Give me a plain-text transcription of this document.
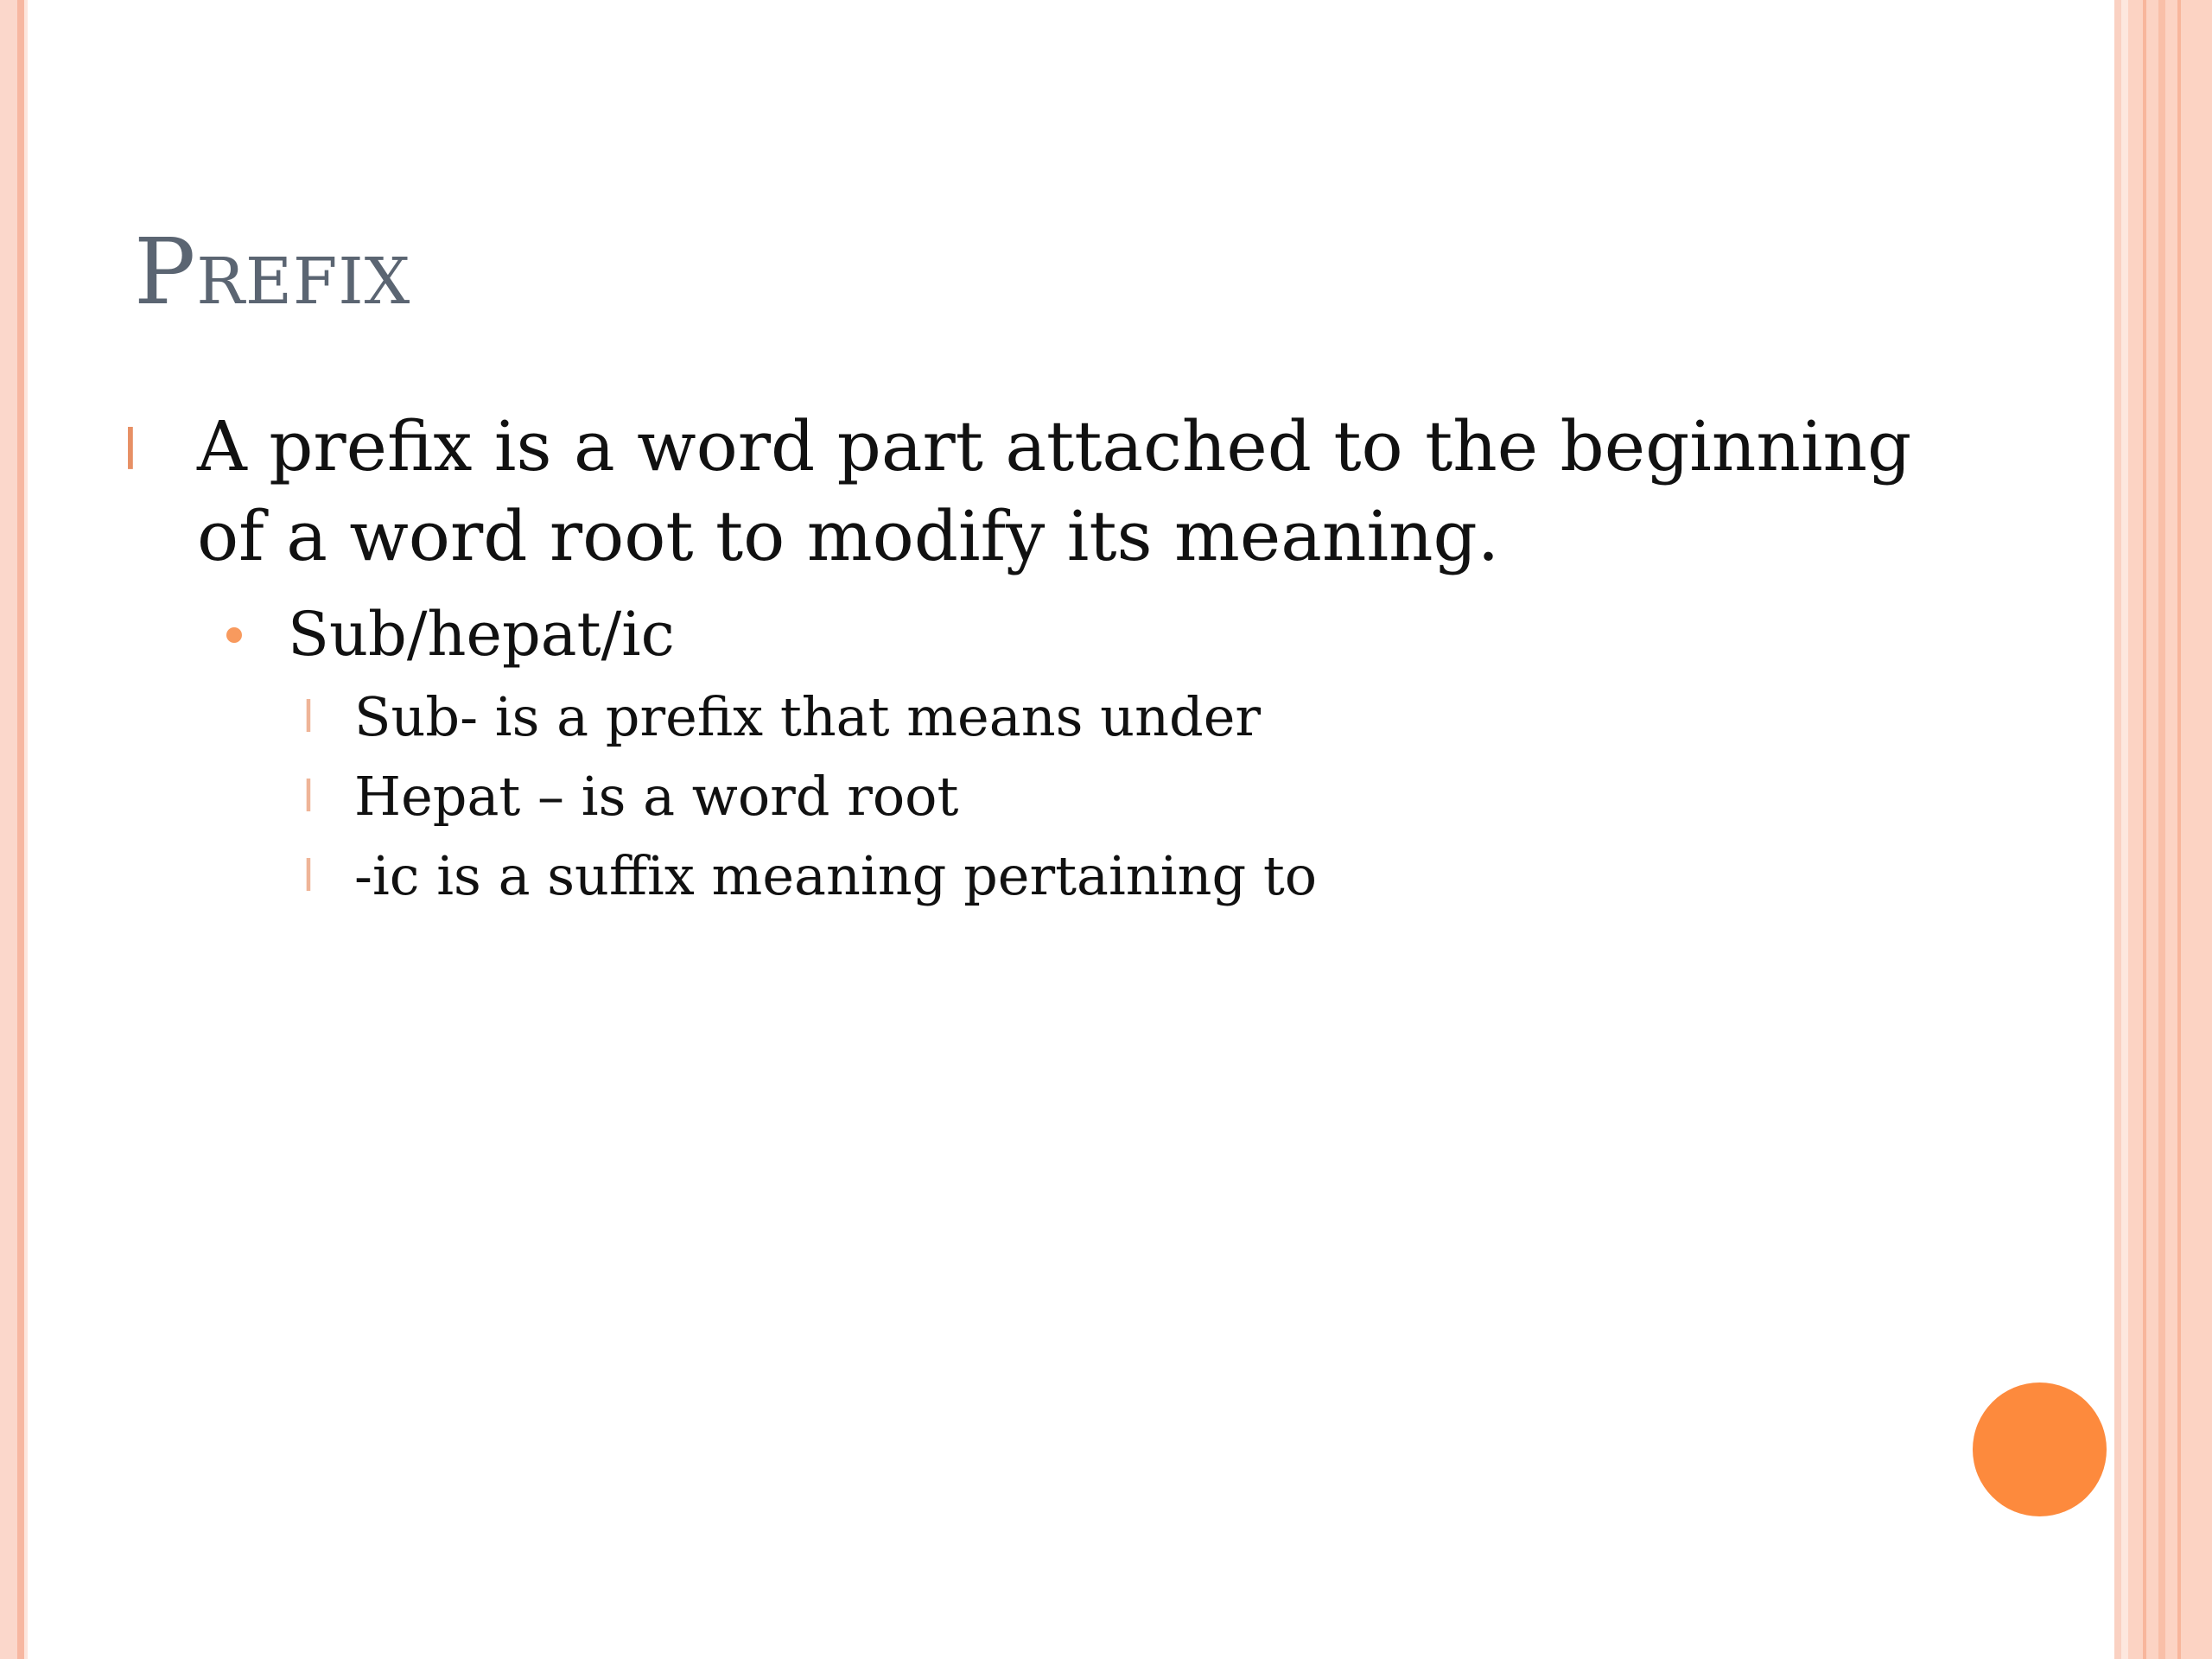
Prefix
l A prefix is a word part attached to the beginning of a word root to modify its meaning.
Sub/hepat/ic
l Sub- is a prefix that means under
l Hepat – is a word root
l -ic is a suffix meaning pertaining to
